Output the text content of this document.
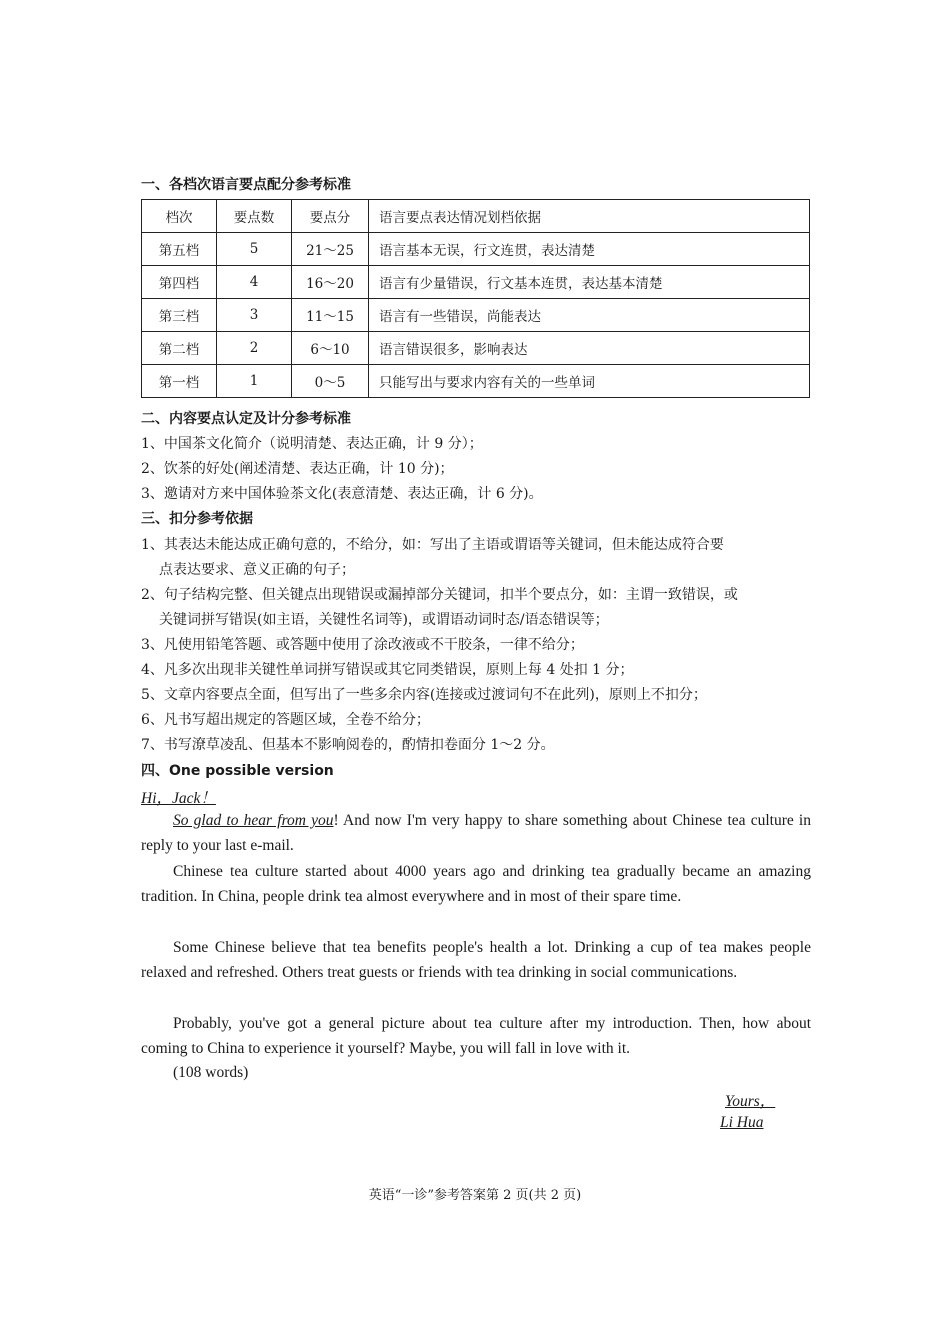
一、各档次语言要点配分参考标准
档次	要点数	要点分	语言要点表达情况划档依据
第五档	5	21～25	语言基本无误，行文连贯，表达清楚
第四档	4	16～20	语言有少量错误，行文基本连贯，表达基本清楚
第三档	3	11～15	语言有一些错误，尚能表达
第二档	2	6～10	语言错误很多，影响表达
第一档	1	0～5	只能写出与要求内容有关的一些单词
二、内容要点认定及计分参考标准
1、中国茶文化简介（说明清楚、表达正确，计 9 分）；
2、饮茶的好处(阐述清楚、表达正确，计 10 分)；
3、邀请对方来中国体验茶文化(表意清楚、表达正确，计 6 分)。
三、扣分参考依据
1、其表达未能达成正确句意的，不给分，如：写出了主语或谓语等关键词，但未能达成符合要
点表达要求、意义正确的句子；
2、句子结构完整、但关键点出现错误或漏掉部分关键词，扣半个要点分，如：主谓一致错误，或
关键词拼写错误(如主语，关键性名词等)，或谓语动词时态/语态错误等；
3、凡使用铅笔答题、或答题中使用了涂改液或不干胶条，一律不给分；
4、凡多次出现非关键性单词拼写错误或其它同类错误，原则上每 4 处扣 1 分；
5、文章内容要点全面，但写出了一些多余内容(连接或过渡词句不在此列)，原则上不扣分；
6、凡书写超出规定的答题区域，全卷不给分；
7、书写潦草凌乱、但基本不影响阅卷的，酌情扣卷面分 1～2 分。
四、One possible version
Hi，Jack！
So glad to hear from you! And now I'm very happy to share something about Chinese tea culture in reply to your last e-mail.
Chinese tea culture started about 4000 years ago and drinking tea gradually became an amazing tradition. In China, people drink tea almost everywhere and in most of their spare time.
Some Chinese believe that tea benefits people's health a lot. Drinking a cup of tea makes people relaxed and refreshed. Others treat guests or friends with tea drinking in social communications.
Probably, you've got a general picture about tea culture after my introduction. Then, how about coming to China to experience it yourself? Maybe, you will fall in love with it.
(108 words)
Yours，
Li Hua
英语“一诊”参考答案第 2 页(共 2 页)
